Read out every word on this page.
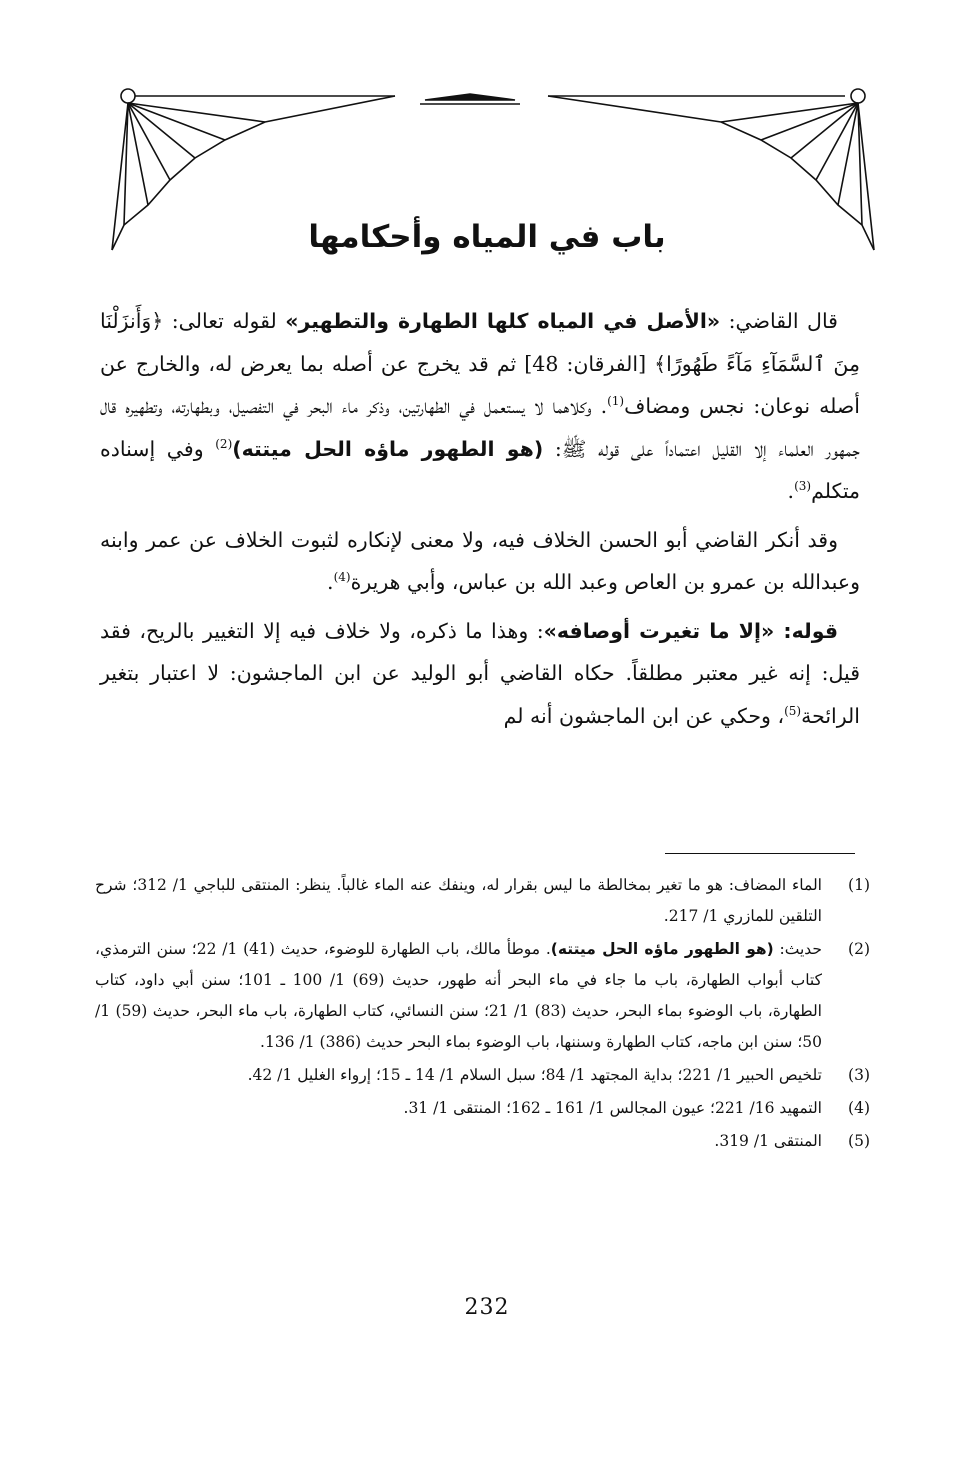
باب في المياه وأحكامها

قال القاضي: «الأصل في المياه كلها الطهارة والتطهير» لقوله تعالى: ﴿وَأَنزَلْنَا مِنَ ٱلسَّمَآءِ مَآءً طَهُورًا﴾ [الفرقان: 48] ثم قد يخرج عن أصله بما يعرض له، والخارج عن أصله نوعان: نجس ومضاف$^{(1)}$. وكلاهما لا يستعمل في الطهارتين، وذكر ماء البحر في التفصيل، وبطهارته، وتطهيره قال جمهور العلماء إلا القليل اعتماداً على قوله ﷺ: (هو الطهور ماؤه الحل ميتته)$^{(2)}$ وفي إسناده متكلم$^{(3)}$.

وقد أنكر القاضي أبو الحسن الخلاف فيه، ولا معنى لإنكاره لثبوت الخلاف عن عمر وابنه وعبدالله بن عمرو بن العاص وعبد الله بن عباس، وأبي هريرة$^{(4)}$.

قوله: «إلا ما تغيرت أوصافه»: وهذا ما ذكره، ولا خلاف فيه إلا التغيير بالريح، فقد قيل: إنه غير معتبر مطلقاً. حكاه القاضي أبو الوليد عن ابن الماجشون: لا اعتبار بتغير الرائحة$^{(5)}$، وحكي عن ابن الماجشون أنه لم

(1)
الماء المضاف: هو ما تغير بمخالطة ما ليس بقرار له، وينفك عنه الماء غالباً. ينظر: المنتقى للباجي 1/ 312؛ شرح التلقين للمازري 1/ 217.
(2)
حديث: (هو الطهور ماؤه الحل ميتته). موطأ مالك، باب الطهارة للوضوء، حديث (41) 1/ 22؛ سنن الترمذي، كتاب أبواب الطهارة، باب ما جاء في ماء البحر أنه طهور، حديث (69) 1/ 100 ـ 101؛ سنن أبي داود، كتاب الطهارة، باب الوضوء بماء البحر، حديث (83) 1/ 21؛ سنن النسائي، كتاب الطهارة، باب ماء البحر، حديث (59) 1/ 50؛ سنن ابن ماجه، كتاب الطهارة وسننها، باب الوضوء بماء البحر حديث (386) 1/ 136.
(3)
تلخيص الحبير 1/ 221؛ بداية المجتهد 1/ 84؛ سبل السلام 1/ 14 ـ 15؛ إرواء الغليل 1/ 42.
(4)
التمهيد 16/ 221؛ عيون المجالس 1/ 161 ـ 162؛ المنتقى 1/ 31.
(5)
المنتقى 1/ 319.
232
